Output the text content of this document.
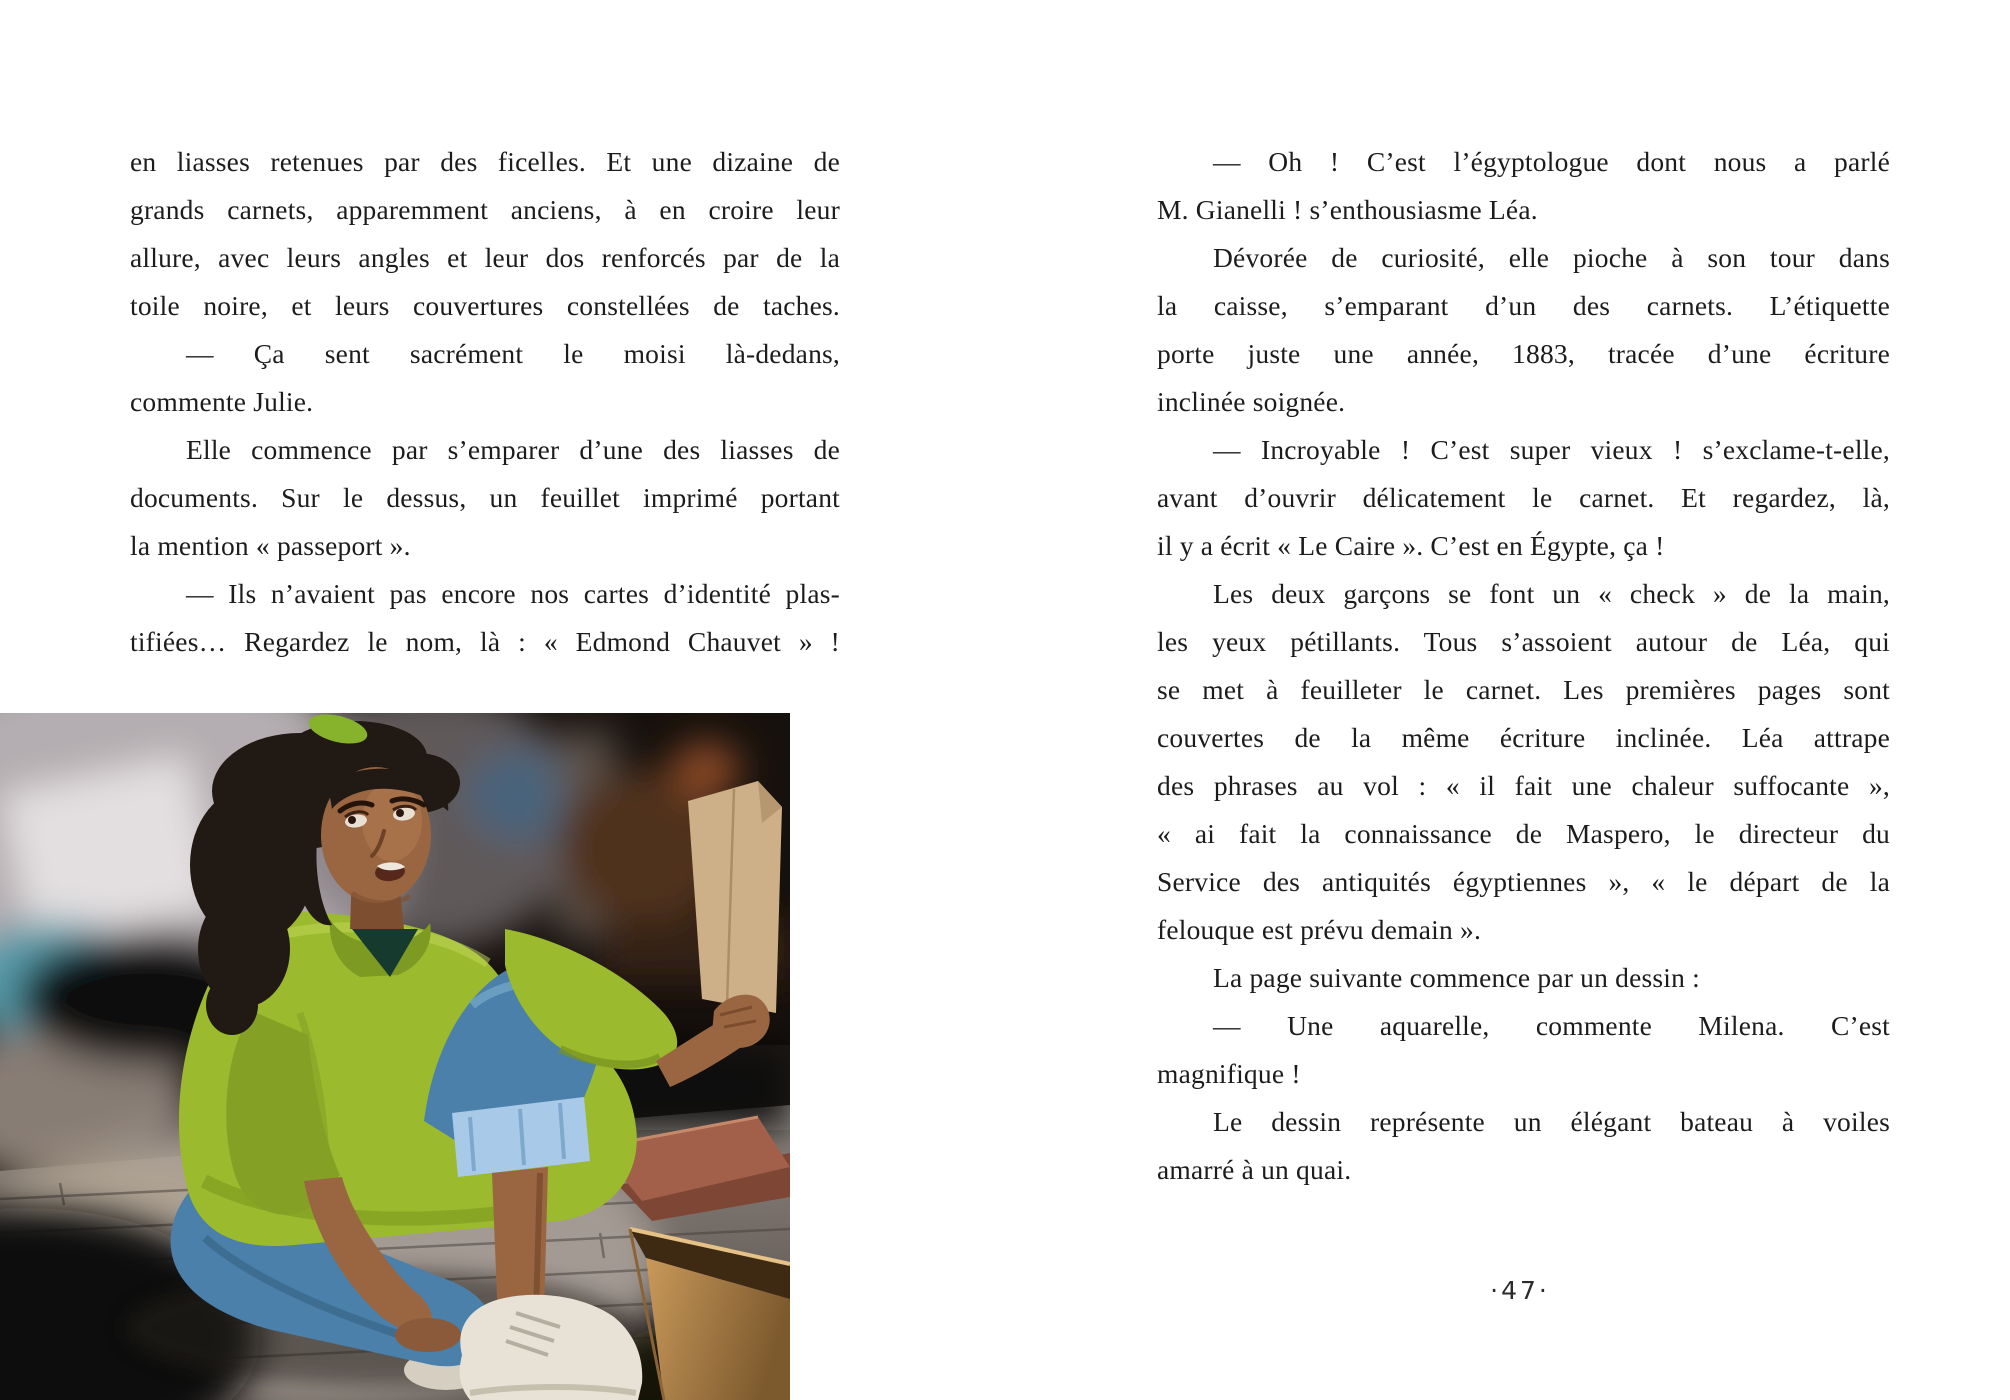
en liasses retenues par des ficelles. Et une dizaine de
grands carnets, apparemment anciens, à en croire leur
allure, avec leurs angles et leur dos renforcés par de la
toile noire, et leurs couvertures constellées de taches.
— Ça sent sacrément le moisi là-dedans,
commente Julie.
Elle commence par s’emparer d’une des liasses de
documents. Sur le dessus, un feuillet imprimé portant
la mention « passeport ».
— Ils n’avaient pas encore nos cartes d’identité plas-
tifiées… Regardez le nom, là : « Edmond Chauvet » !
— Oh ! C’est l’égyptologue dont nous a parlé
M. Gianelli ! s’enthousiasme Léa.
Dévorée de curiosité, elle pioche à son tour dans
la caisse, s’emparant d’un des carnets. L’étiquette
porte juste une année, 1883, tracée d’une écriture
inclinée soignée.
— Incroyable ! C’est super vieux ! s’exclame-t-elle,
avant d’ouvrir délicatement le carnet. Et regardez, là,
il y a écrit « Le Caire ». C’est en Égypte, ça !
Les deux garçons se font un « check » de la main,
les yeux pétillants. Tous s’assoient autour de Léa, qui
se met à feuilleter le carnet. Les premières pages sont
couvertes de la même écriture inclinée. Léa attrape
des phrases au vol : « il fait une chaleur suffocante »,
« ai fait la connaissance de Maspero, le directeur du
Service des antiquités égyptiennes », « le départ de la
felouque est prévu demain ».
La page suivante commence par un dessin :
— Une aquarelle, commente Milena. C’est
magnifique !
Le dessin représente un élégant bateau à voiles
amarré à un quai.
·47·
